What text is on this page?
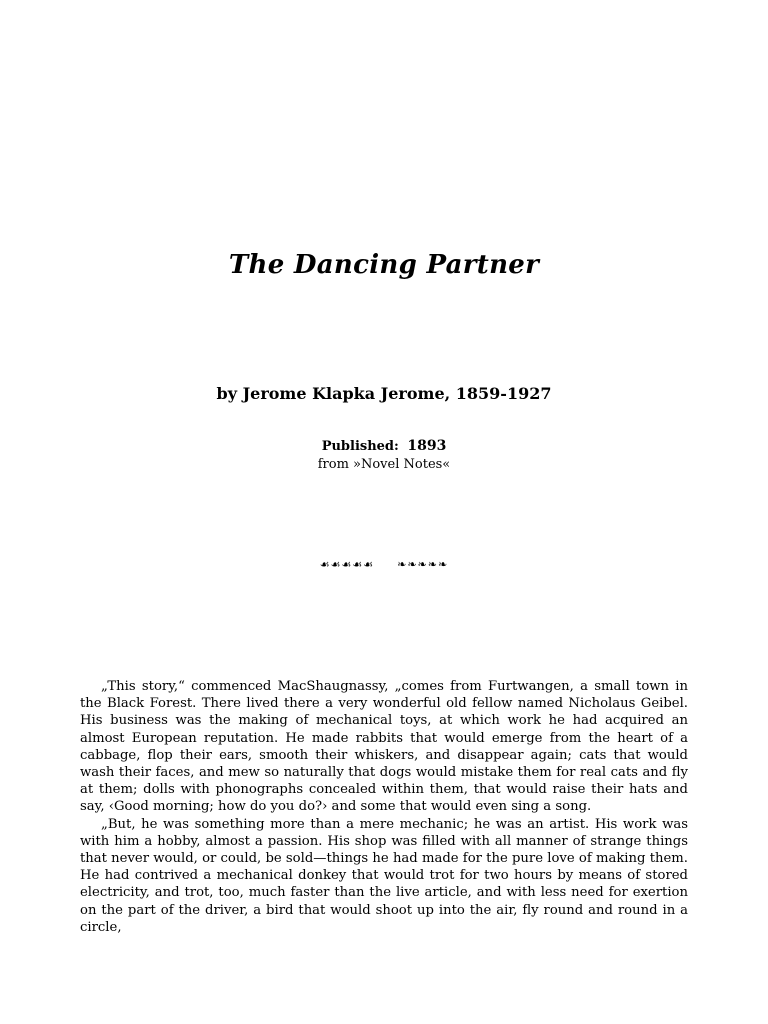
The Dancing Partner
by Jerome Klapka Jerome, 1859-1927
Published: 1893
from »Novel Notes«
☙☙☙☙☙ ❧❧❧❧❧

„This story,“ commenced MacShaugnassy, „comes from Furtwangen, a small town in the Black Forest. There lived there a very wonderful old fellow named Nicholaus Geibel. His business was the making of mechanical toys, at which work he had acquired an almost European reputation. He made rabbits that would emerge from the heart of a cabbage, flop their ears, smooth their whiskers, and disappear again; cats that would wash their faces, and mew so naturally that dogs would mistake them for real cats and fly at them; dolls with phonographs concealed within them, that would raise their hats and say, ‹Good morning; how do you do?› and some that would even sing a song.

„But, he was something more than a mere mechanic; he was an artist. His work was with him a hobby, almost a passion. His shop was filled with all manner of strange things that never would, or could, be sold—things he had made for the pure love of making them. He had contrived a mechanical donkey that would trot for two hours by means of stored electricity, and trot, too, much faster than the live article, and with less need for exertion on the part of the driver, a bird that would shoot up into the air, fly round and round in a circle,
